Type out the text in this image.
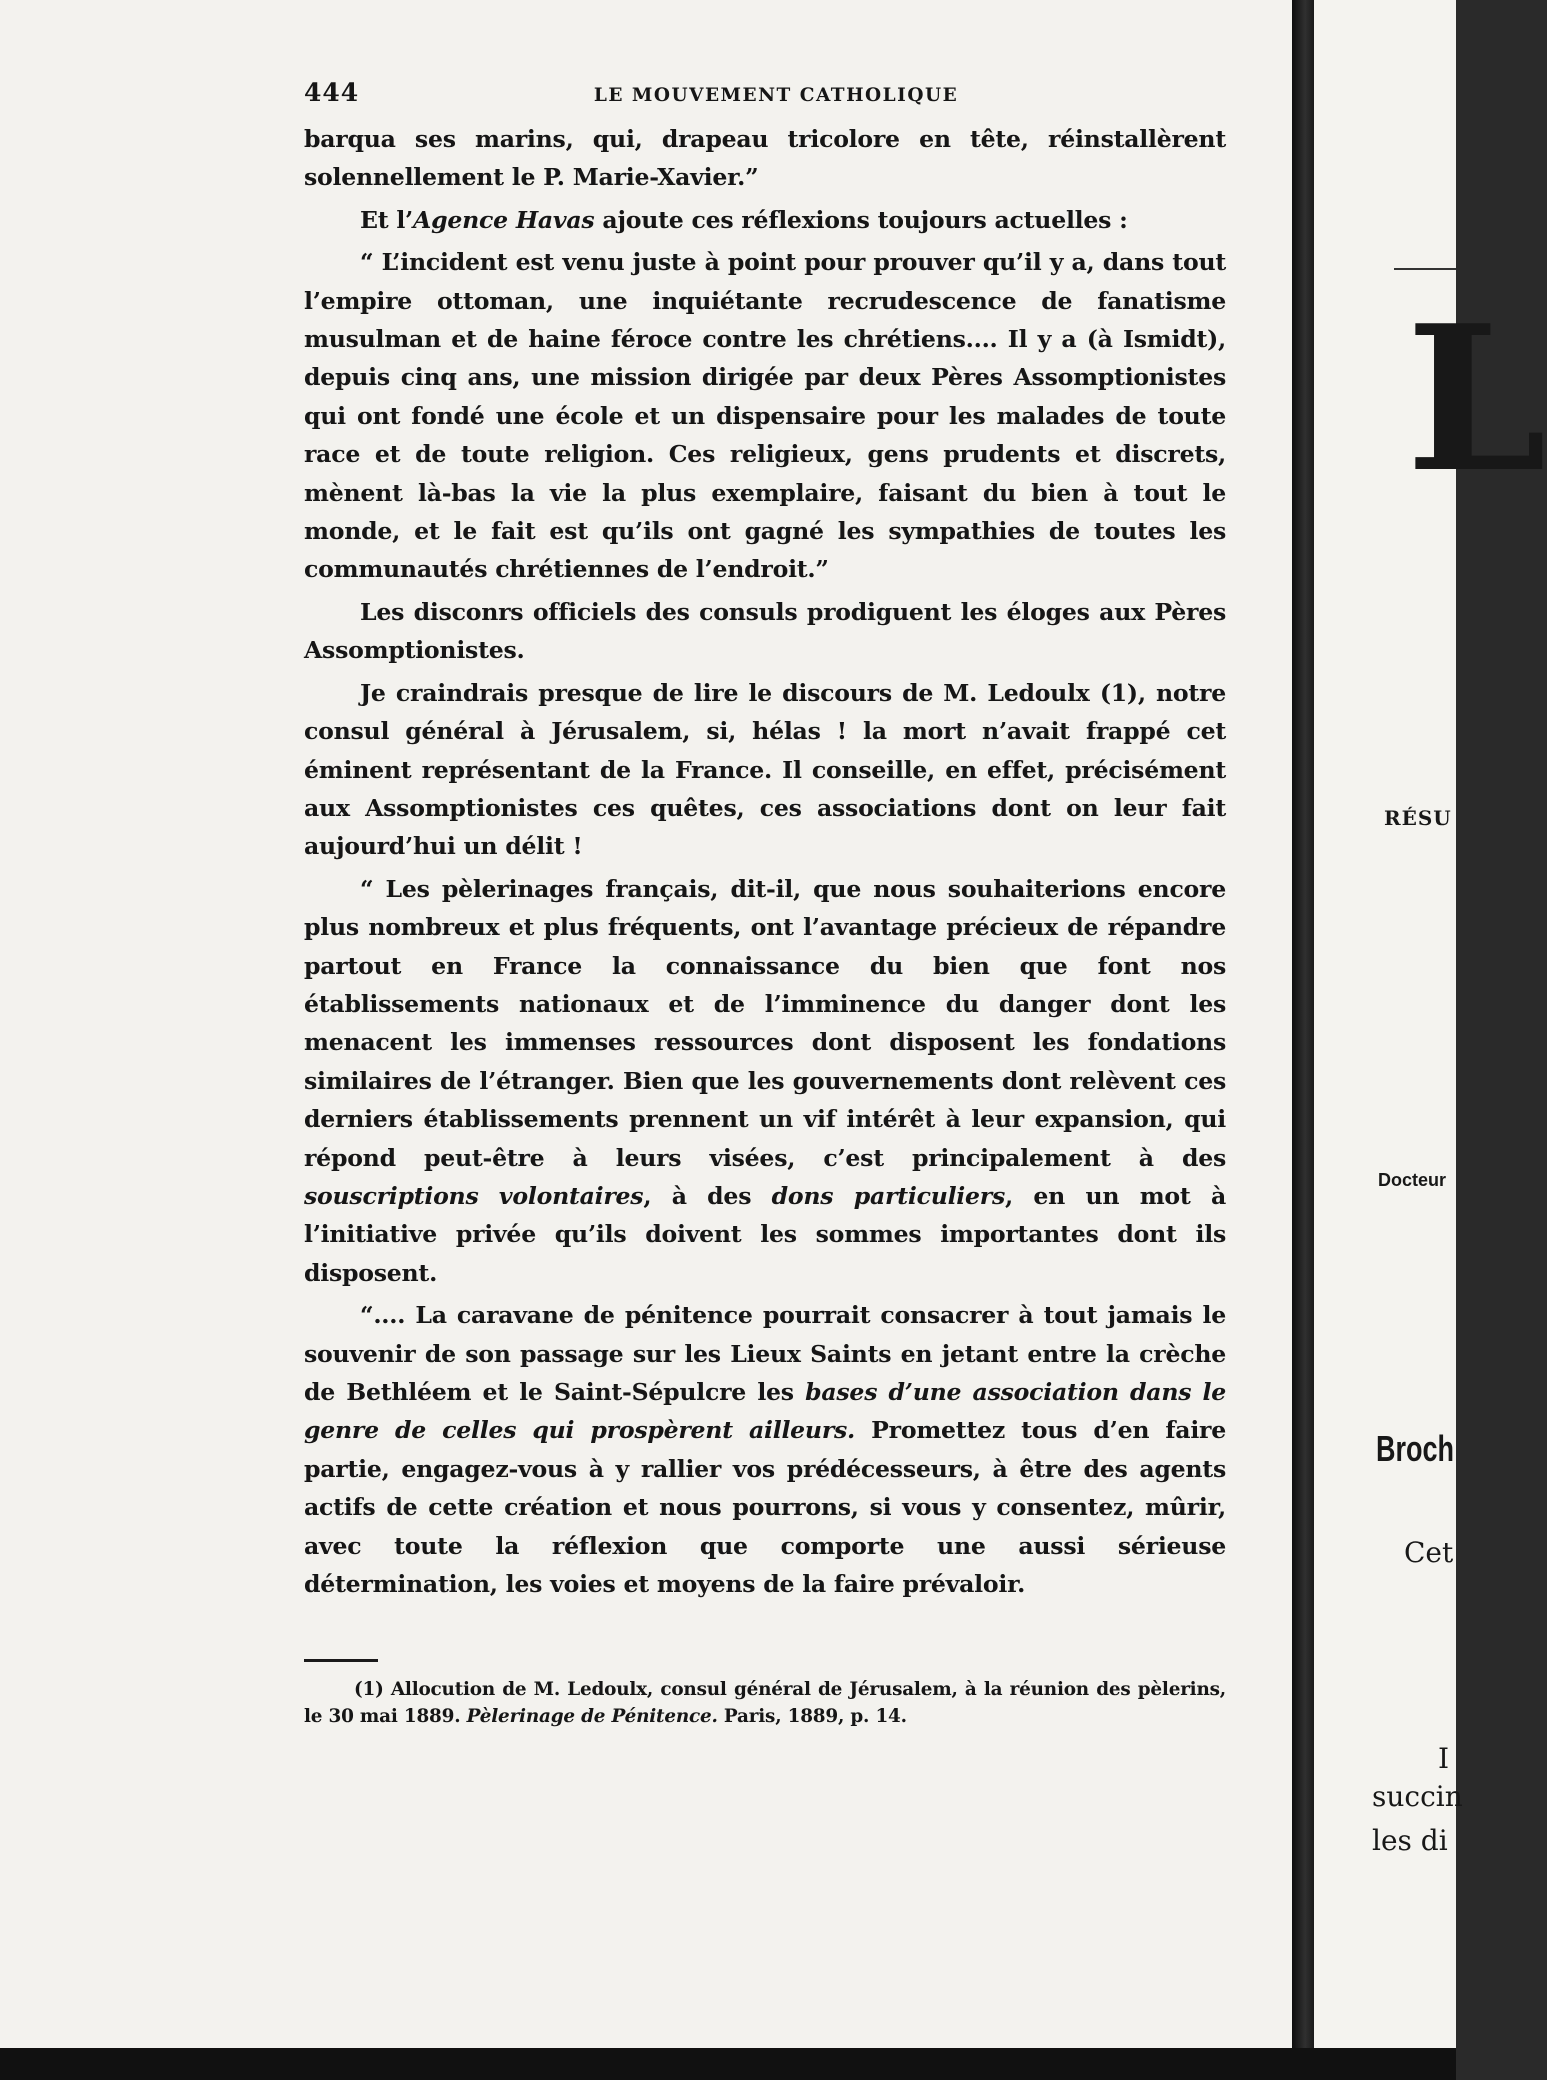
444	LE MOUVEMENT CATHOLIQUE

barqua ses marins, qui, drapeau tricolore en tête, réinstallèrent solennellement le P. Marie-Xavier.”

Et l’Agence Havas ajoute ces réflexions toujours actuelles :

“ L’incident est venu juste à point pour prouver qu’il y a, dans tout l’empire ottoman, une inquiétante recrudescence de fanatisme musulman et de haine féroce contre les chrétiens.... Il y a (à Ismidt), depuis cinq ans, une mission dirigée par deux Pères Assomptionistes qui ont fondé une école et un dispensaire pour les malades de toute race et de toute religion. Ces religieux, gens prudents et discrets, mènent là-bas la vie la plus exemplaire, faisant du bien à tout le monde, et le fait est qu’ils ont gagné les sympathies de toutes les communautés chrétiennes de l’endroit.”

Les disconrs officiels des consuls prodiguent les éloges aux Pères Assomptionistes.

Je craindrais presque de lire le discours de M. Ledoulx (1), notre consul général à Jérusalem, si, hélas ! la mort n’avait frappé cet éminent représentant de la France. Il conseille, en effet, précisément aux Assomptionistes ces quêtes, ces associations dont on leur fait aujourd’hui un délit !

“ Les pèlerinages français, dit-il, que nous souhaiterions encore plus nombreux et plus fréquents, ont l’avantage précieux de répandre partout en France la connaissance du bien que font nos établissements nationaux et de l’imminence du danger dont les menacent les immenses ressources dont disposent les fondations similaires de l’étranger. Bien que les gouvernements dont relèvent ces derniers établissements prennent un vif intérêt à leur expansion, qui répond peut-être à leurs visées, c’est principalement à des souscriptions volontaires, à des dons particuliers, en un mot à l’initiative privée qu’ils doivent les sommes importantes dont ils disposent.

“.... La caravane de pénitence pourrait consacrer à tout jamais le souvenir de son passage sur les Lieux Saints en jetant entre la crèche de Bethléem et le Saint-Sépulcre les bases d’une association dans le genre de celles qui prospèrent ailleurs. Promettez tous d’en faire partie, engagez-vous à y rallier vos prédécesseurs, à être des agents actifs de cette création et nous pourrons, si vous y consentez, mûrir, avec toute la réflexion que comporte une aussi sérieuse détermination, les voies et moyens de la faire prévaloir.

(1) Allocution de M. Ledoulx, consul général de Jérusalem, à la réunion des pèlerins, le 30 mai 1889. Pèlerinage de Pénitence. Paris, 1889, p. 14.

L
RÉSU
Docteur
Broch
Cet
I
succin
les di
